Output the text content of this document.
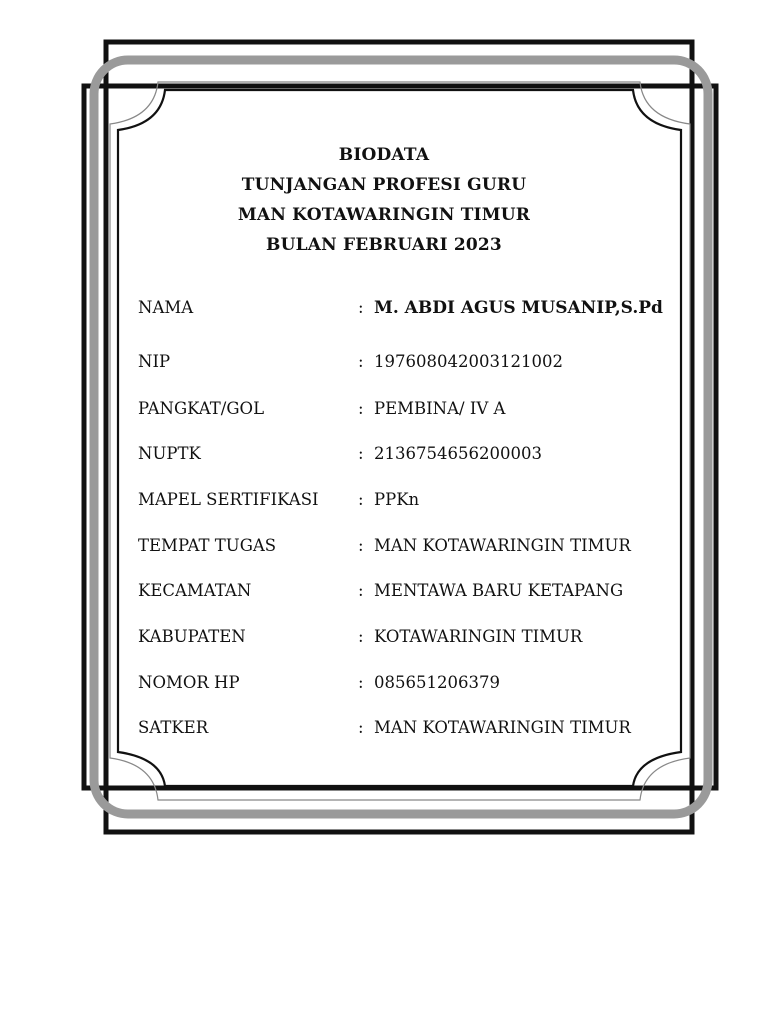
BIODATA
TUNJANGAN PROFESI GURU
MAN KOTAWARINGIN TIMUR
BULAN FEBRUARI 2023
NAMA	: M. ABDI AGUS MUSANIP,S.Pd
NIP	: 197608042003121002
PANGKAT/GOL	: PEMBINA/ IV A
NUPTK	: 2136754656200003
MAPEL SERTIFIKASI : PPKn
TEMPAT TUGAS	: MAN KOTAWARINGIN TIMUR
KECAMATAN	: MENTAWA BARU KETAPANG
KABUPATEN	: KOTAWARINGIN TIMUR
NOMOR HP	: 085651206379
SATKER	: MAN KOTAWARINGIN TIMUR
